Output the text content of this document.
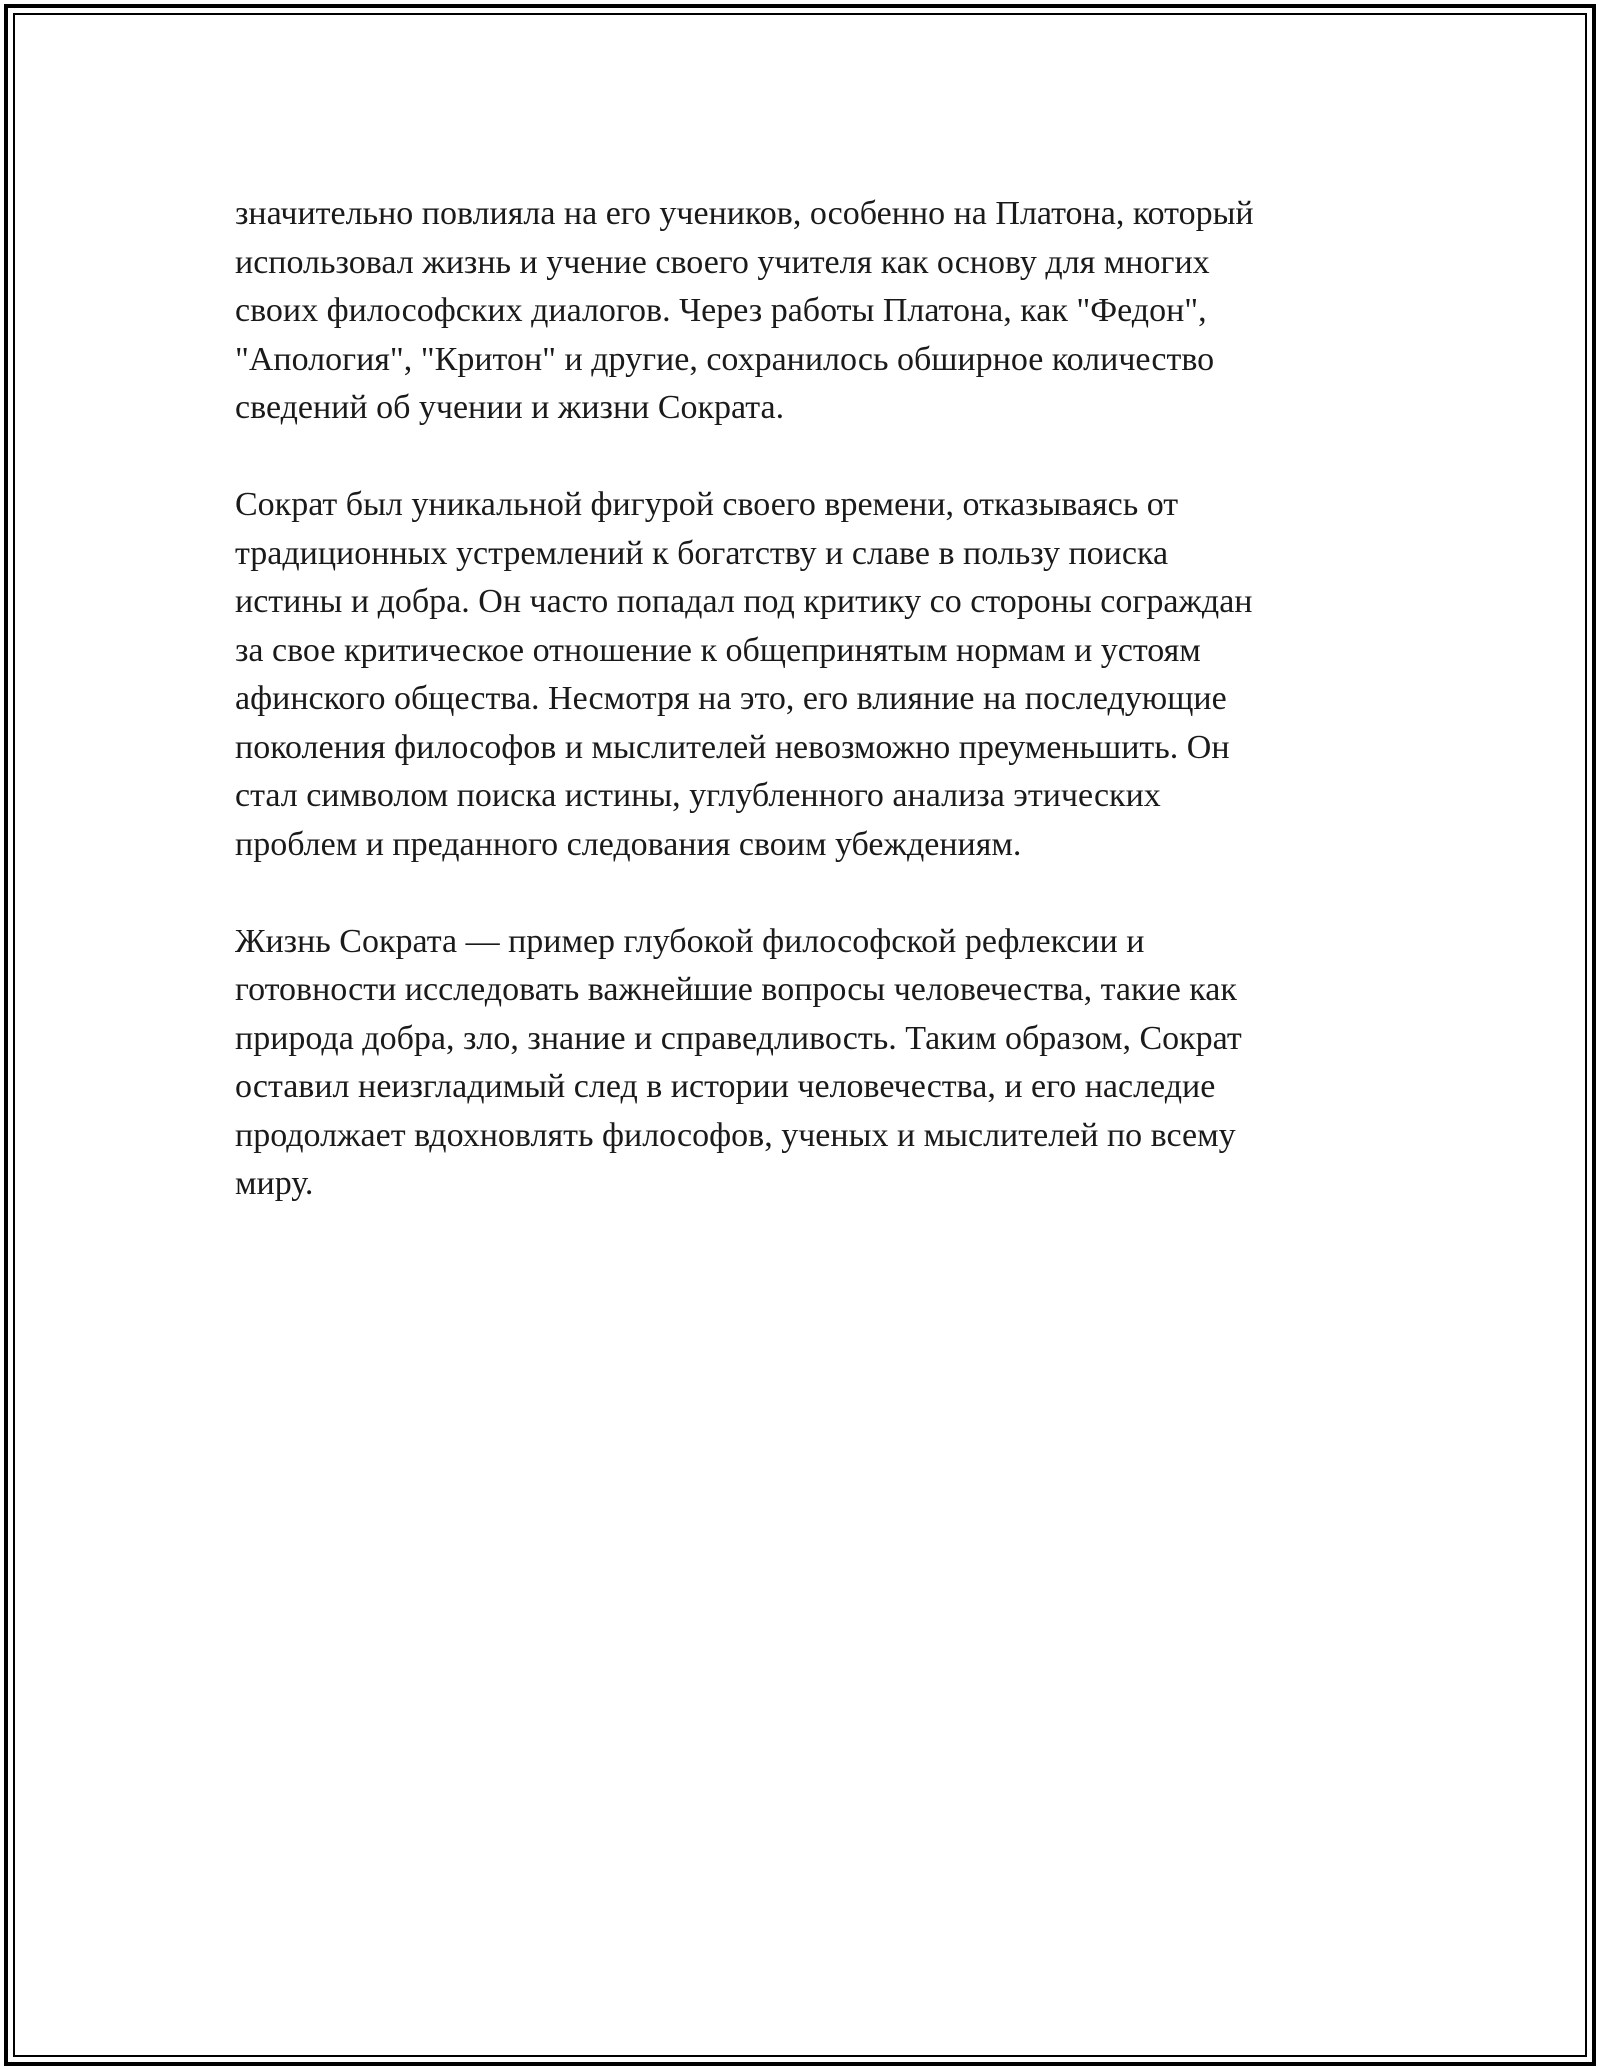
значительно повлияла на его учеников, особенно на Платона, который
использовал жизнь и учение своего учителя как основу для многих
своих философских диалогов. Через работы Платона, как "Федон",
"Апология", "Критон" и другие, сохранилось обширное количество
сведений об учении и жизни Сократа.

Сократ был уникальной фигурой своего времени, отказываясь от
традиционных устремлений к богатству и славе в пользу поиска
истины и добра. Он часто попадал под критику со стороны сограждан
за свое критическое отношение к общепринятым нормам и устоям
афинского общества. Несмотря на это, его влияние на последующие
поколения философов и мыслителей невозможно преуменьшить. Он
стал символом поиска истины, углубленного анализа этических
проблем и преданного следования своим убеждениям.

Жизнь Сократа — пример глубокой философской рефлексии и
готовности исследовать важнейшие вопросы человечества, такие как
природа добра, зло, знание и справедливость. Таким образом, Сократ
оставил неизгладимый след в истории человечества, и его наследие
продолжает вдохновлять философов, ученых и мыслителей по всему
миру.
